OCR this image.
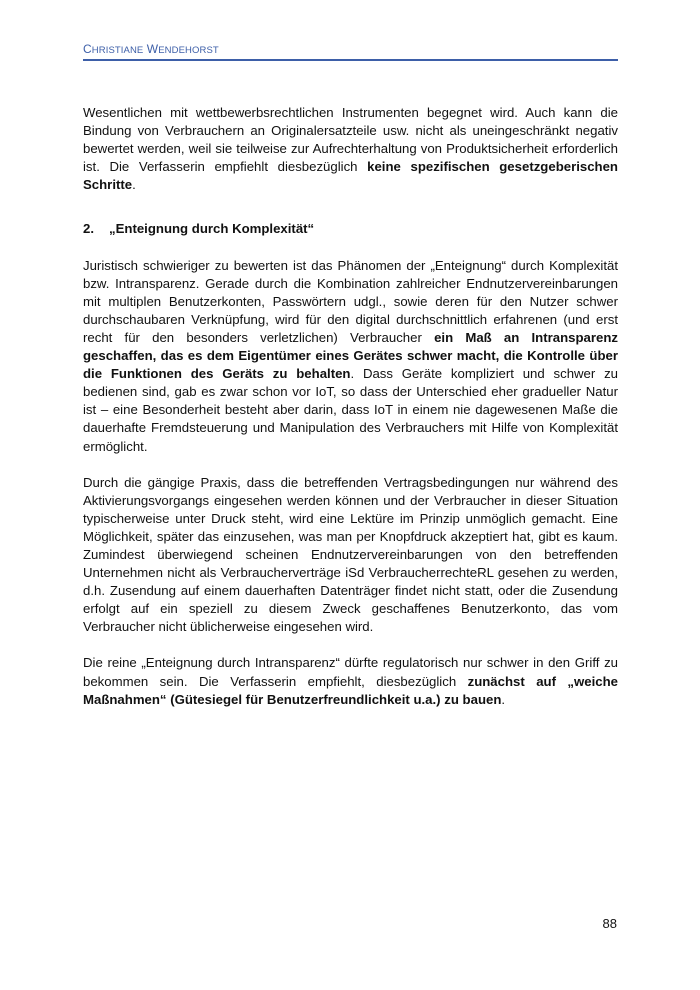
CHRISTIANE WENDEHORST

Wesentlichen mit wettbewerbsrechtlichen Instrumenten begegnet wird. Auch kann die Bindung von Verbrauchern an Originalersatzteile usw. nicht als uneingeschränkt negativ bewertet werden, weil sie teilweise zur Aufrechterhaltung von Produktsicherheit erforderlich ist. Die Verfasserin empfiehlt diesbezüglich keine spezifischen gesetzgeberischen Schritte.

2. „Enteignung durch Komplexität“

Juristisch schwieriger zu bewerten ist das Phänomen der „Enteignung“ durch Komplexität bzw. Intransparenz. Gerade durch die Kombination zahlreicher Endnutzervereinbarungen mit multiplen Benutzerkonten, Passwörtern udgl., sowie deren für den Nutzer schwer durchschaubaren Verknüpfung, wird für den digital durchschnittlich erfahrenen (und erst recht für den besonders verletzlichen) Verbraucher ein Maß an Intransparenz geschaffen, das es dem Eigentümer eines Gerätes schwer macht, die Kontrolle über die Funktionen des Geräts zu behalten. Dass Geräte kompliziert und schwer zu bedienen sind, gab es zwar schon vor IoT, so dass der Unterschied eher gradueller Natur ist – eine Besonderheit besteht aber darin, dass IoT in einem nie dagewesenen Maße die dauerhafte Fremdsteuerung und Manipulation des Verbrauchers mit Hilfe von Komplexität ermöglicht.

Durch die gängige Praxis, dass die betreffenden Vertragsbedingungen nur während des Aktivierungsvorgangs eingesehen werden können und der Verbraucher in dieser Situation typischerweise unter Druck steht, wird eine Lektüre im Prinzip unmöglich gemacht. Eine Möglichkeit, später das einzusehen, was man per Knopfdruck akzeptiert hat, gibt es kaum. Zumindest überwiegend scheinen Endnutzervereinbarungen von den betreffenden Unternehmen nicht als Verbraucherverträge iSd VerbraucherrechteRL gesehen zu werden, d.h. Zusendung auf einem dauerhaften Datenträger findet nicht statt, oder die Zusendung erfolgt auf ein speziell zu diesem Zweck geschaffenes Benutzerkonto, das vom Verbraucher nicht üblicherweise eingesehen wird.

Die reine „Enteignung durch Intransparenz“ dürfte regulatorisch nur schwer in den Griff zu bekommen sein. Die Verfasserin empfiehlt, diesbezüglich zunächst auf „weiche Maßnahmen“ (Gütesiegel für Benutzerfreundlichkeit u.a.) zu bauen.

88
